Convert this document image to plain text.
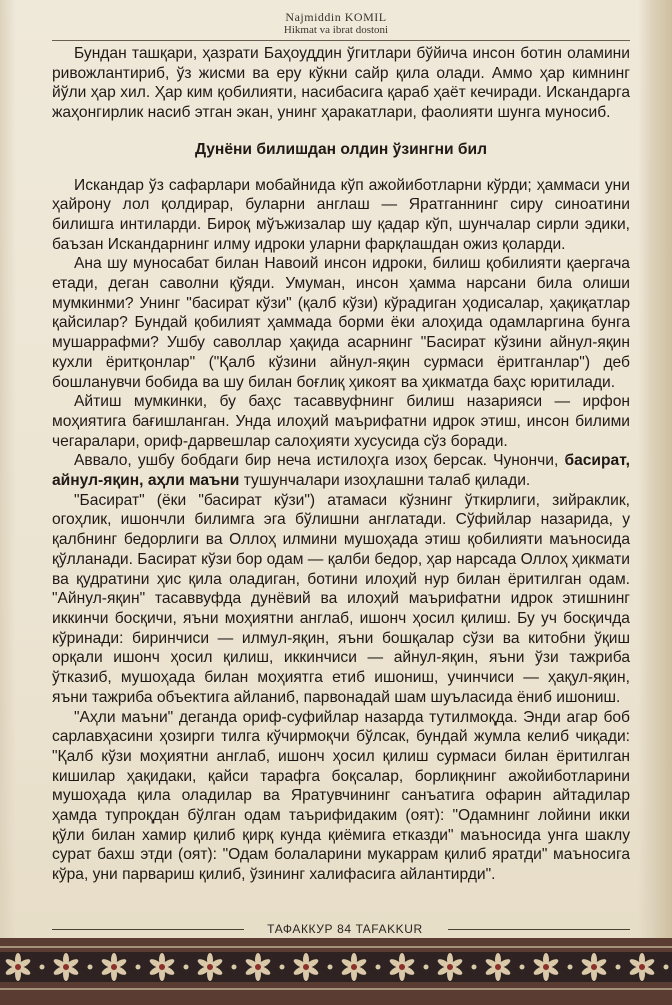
Najmiddin KOMIL
Hikmat va ibrat dostoni

Бундан ташқари, ҳазрати Баҳоуддин ўгитлари бўйича инсон ботин оламини ривожлантириб, ўз жисми ва еру кўкни сайр қила олади. Аммо ҳар кимнинг йўли ҳар хил. Ҳар ким қобилияти, насибасига қараб ҳаёт кечиради. Искандарга жаҳонгирлик насиб этган экан, унинг ҳаракатлари, фаолияти шунга муносиб.

Дунёни билишдан олдин ўзингни бил

Искандар ўз сафарлари мобайнида кўп ажойиботларни кўрди; ҳаммаси уни ҳайрону лол қолдирар, буларни англаш — Яратганнинг сиру синоатини билишга интиларди. Бироқ мўъжизалар шу қадар кўп, шунчалар сирли эдики, баъзан Искандарнинг илму идроки уларни фарқлашдан ожиз қоларди.

Ана шу муносабат билан Навоий инсон идроки, билиш қобилияти қаергача етади, деган саволни қўяди. Умуман, инсон ҳамма нарсани била олиши мумкинми? Унинг "басират кўзи" (қалб кўзи) кўрадиган ҳодисалар, ҳақиқатлар қайсилар? Бундай қобилият ҳаммада борми ёки алоҳида одамларгина бунга мушаррафми? Ушбу саволлар ҳақида асарнинг "Басират кўзини айнул-яқин кухли ёритқонлар" ("Қалб кўзини айнул-яқин сурмаси ёритганлар") деб бошланувчи бобида ва шу билан боғлиқ ҳикоят ва ҳикматда баҳс юритилади.

Айтиш мумкинки, бу баҳс тасаввуфнинг билиш назарияси — ирфон моҳиятига бағишланган. Унда илоҳий маърифатни идрок этиш, инсон билими чегаралари, ориф-дарвешлар салоҳияти хусусида сўз боради.

Аввало, ушбу бобдаги бир неча истилоҳга изоҳ берсак. Чунончи, басират, айнул-яқин, аҳли маъни тушунчалари изоҳлашни талаб қилади.

"Басират" (ёки "басират кўзи") атамаси кўзнинг ўткирлиги, зийраклик, огоҳлик, ишончли билимга эга бўлишни англатади. Сўфийлар назарида, у қалбнинг бедорлиги ва Оллоҳ илмини мушоҳада этиш қобилияти маъносида қўлланади. Басират кўзи бор одам — қалби бедор, ҳар нарсада Оллоҳ ҳикмати ва қудратини ҳис қила оладиган, ботини илоҳий нур билан ёритилган одам. "Айнул-яқин" тасаввуфда дунёвий ва илоҳий маърифатни идрок этишнинг иккинчи босқичи, яъни моҳиятни англаб, ишонч ҳосил қилиш. Бу уч босқичда кўринади: биринчиси — илмул-яқин, яъни бошқалар сўзи ва китобни ўқиш орқали ишонч ҳосил қилиш, иккинчиси — айнул-яқин, яъни ўзи тажриба ўтказиб, мушоҳада билан моҳиятга етиб ишониш, учинчиси — ҳақул-яқин, яъни тажриба объектига айланиб, парвонадай шам шуъласида ёниб ишониш.

"Аҳли маъни" деганда ориф-суфийлар назарда тутилмоқда. Энди агар боб сарлавҳасини ҳозирги тилга кўчирмоқчи бўлсак, бундай жумла келиб чиқади: "Қалб кўзи моҳиятни англаб, ишонч ҳосил қилиш сурмаси билан ёритилган кишилар ҳақидаки, қайси тарафга боқсалар, борлиқнинг ажойиботларини мушоҳада қила оладилар ва Яратувчининг санъатига офарин айтадилар ҳамда тупроқдан бўлган одам таърифидаким (оят): "Одамнинг лойини икки қўли билан хамир қилиб қирқ кунда қиёмига етказди" маъносида унга шаклу сурат бахш этди (оят): "Одам болаларини мукаррам қилиб яратди" маъносига кўра, уни парвариш қилиб, ўзининг халифасига айлантирди".

ТАФАККУР 84 TAFAKKUR
